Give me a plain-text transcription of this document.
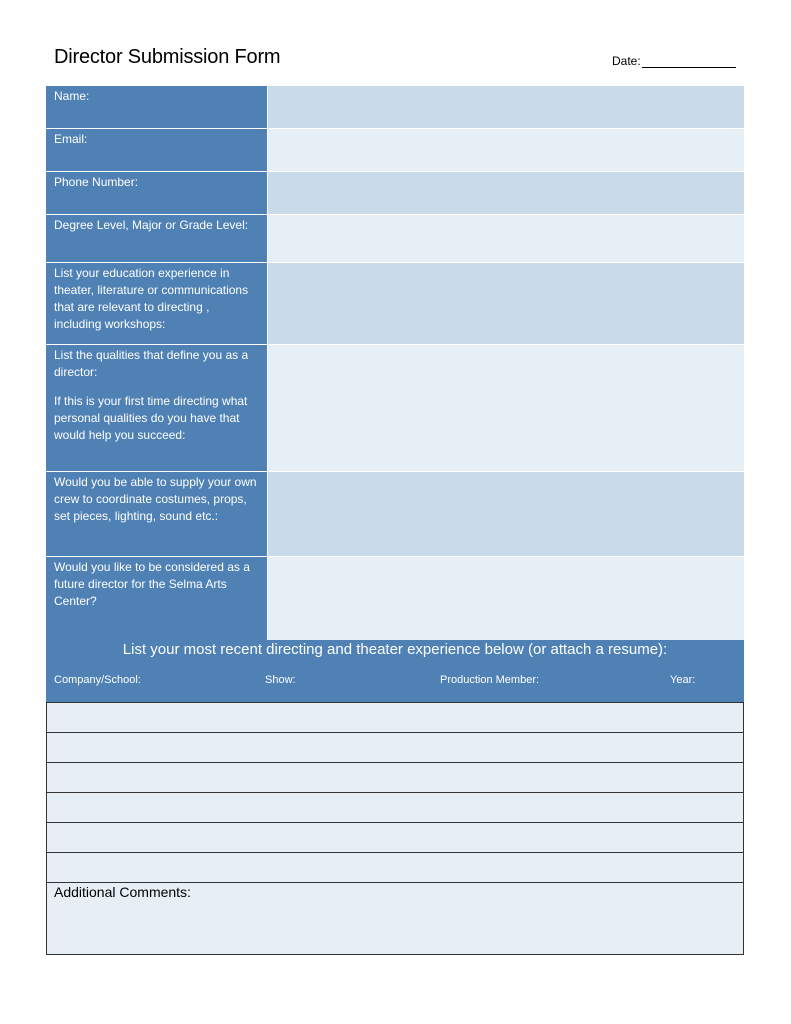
Director Submission Form	Date:

Name:

Email:

Phone Number:

Degree Level, Major or Grade Level:

List your education experience in theater, literature or communications that are relevant to directing , including workshops:

List the qualities that define you as a director:

If this is your first time directing what personal qualities do you have that would help you succeed:

Would you be able to supply your own crew to coordinate costumes, props, set pieces, lighting, sound etc.:

Would you like to be considered as a future director for the Selma Arts Center?

List your most recent directing and theater experience below (or attach a resume):
Company/School:	Show:	Production Member:	Year:
Additional Comments:
